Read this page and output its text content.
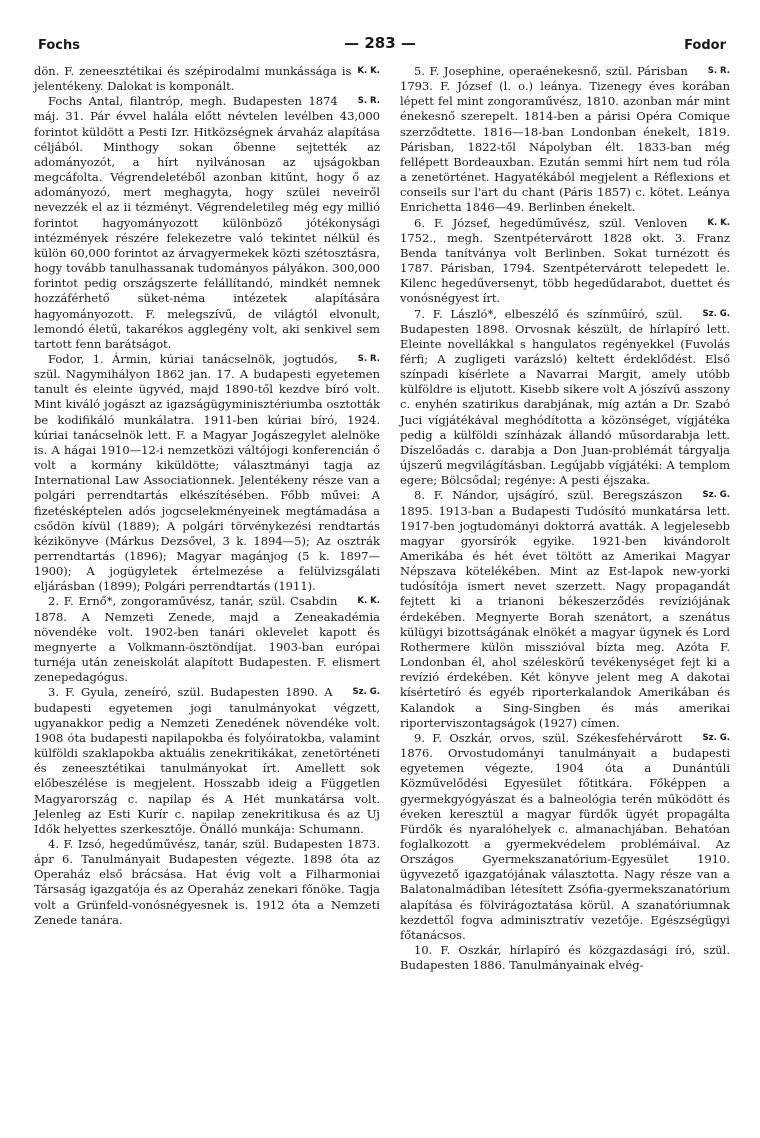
Fochs	— 283 —	Fodor

K. K.
dön. F. zeneesztétikai és szépirodalmi munkássága is jelentékeny. Dalokat is komponált.

S. R.
Fochs Antal, filantróp, megh. Budapesten 1874 máj. 31. Pár évvel halála előtt névtelen levélben 43,000 forintot küldött a Pesti Izr. Hitközségnek árvaház alapítása céljából. Minthogy sokan őbenne sejtették az adományozót, a hírt nyilvánosan az ujságokban megcáfolta. Végrendeletéből azonban kitűnt, hogy ő az adományozó, mert meghagyta, hogy szülei neveiről nevezzék el az ii tézményt. Végrendeletileg még egy millió forintot hagyományozott különböző jótékonysági intézmények részére felekezetre való tekintet nélkül és külön 60,000 forintot az árvagyermekek közti szétosztásra, hogy tovább tanulhassanak tudományos pályákon. 300,000 forintot pedig országszerte felállítandó, mindkét nemnek hozzáférhető süket-néma intézetek alapítására hagyományozott. F. melegszívű, de világtól elvonult, lemondó életű, takarékos agglegény volt, aki senkivel sem tartott fenn barátságot.

S. R.
Fodor, 1. Ármin, kúriai tanácselnök, jogtudós, szül. Nagymihályon 1862 jan. 17. A budapesti egyetemen tanult és eleinte ügyvéd, majd 1890-től kezdve bíró volt. Mint kiváló jogászt az igazságügyminisztériumba osztották be kodifikáló munkálatra. 1911-ben kúriai bíró, 1924. kúriai tanácselnök lett. F. a Magyar Jogászegylet alelnöke is. A hágai 1910—12-i nemzetközi váltójogi konferencián ő volt a kormány kiküldötte; választmányi tagja az International Law Associationnek. Jelentékeny része van a polgári perrendtartás elkészítésében. Főbb művei: A fizetésképtelen adós jogcselekményeinek megtámadása a csődön kívül (1889); A polgári törvénykezési rendtartás kézikönyve (Márkus Dezsővel, 3 k. 1894—5); Az osztrák perrendtartás (1896); Magyar magánjog (5 k. 1897—1900); A jogügyletek értelmezése a felülvizsgálati eljárásban (1899); Polgári perrendtartás (1911).

K. K.
2. F. Ernő*, zongoraművész, tanár, szül. Csabdin 1878. A Nemzeti Zenede, majd a Zeneakadémia növendéke volt. 1902-ben tanári oklevelet kapott és megnyerte a Volkmann-ösztöndíjat. 1903-ban európai turnéja után zeneiskolát alapított Budapesten. F. elismert zenepedagógus.

Sz. G.
3. F. Gyula, zeneíró, szül. Budapesten 1890. A budapesti egyetemen jogi tanulmányokat végzett, ugyanakkor pedig a Nemzeti Zenedének növendéke volt. 1908 óta budapesti napilapokba és folyóiratokba, valamint külföldi szaklapokba aktuális zenekritikákat, zenetörténeti és zeneesztétikai tanulmányokat írt. Amellett sok előbeszélése is megjelent. Hosszabb ideig a Független Magyarország c. napilap és A Hét munkatársa volt. Jelenleg az Esti Kurír c. napilap zenekritikusa és az Uj Idők helyettes szerkesztője. Önálló munkája: Schumann.

4. F. Izsó, hegedűművész, tanár, szül. Budapesten 1873. ápr 6. Tanulmányait Budapesten végezte. 1898 óta az Operaház első brácsása. Hat évig volt a Filharmoniai Társaság igazgatója és az Operaház zenekari főnöke. Tagja volt a Grünfeld-vonósnégyesnek is. 1912 óta a Nemzeti Zenede tanára.

S. R.
5. F. Josephine, operaénekesnő, szül. Párisban 1793. F. József (l. o.) leánya. Tizenegy éves korában lépett fel mint zongoraművész, 1810. azonban már mint énekesnő szerepelt. 1814-ben a párisi Opéra Comique szerződtette. 1816—18-ban Londonban énekelt, 1819. Párisban, 1822-től Nápolyban élt. 1833-ban még fellépett Bordeauxban. Ezután semmi hírt nem tud róla a zenetörténet. Hagyatékából megjelent a Réflexions et conseils sur l'art du chant (Páris 1857) c. kötet. Leánya Enrichetta 1846—49. Berlinben énekelt.

K. K.
6. F. József, hegedűművész, szül. Venloven 1752., megh. Szentpétervárott 1828 okt. 3. Franz Benda tanítványa volt Berlinben. Sokat turnézott és 1787. Párisban, 1794. Szentpétervárott telepedett le. Kilenc hegedűversenyt, több hegedűdarabot, duettet és vonósnégyest írt.

Sz. G.
7. F. László*, elbeszélő és színműíró, szül. Budapesten 1898. Orvosnak készült, de hírlapíró lett. Eleinte novellákkal s hangulatos regényekkel (Fuvolás férfi; A zugligeti varázsló) keltett érdeklődést. Első színpadi kísérlete a Navarrai Margit, amely utóbb külföldre is eljutott. Kisebb sikere volt A jószívű asszony c. enyhén szatirikus darabjának, míg aztán a Dr. Szabó Juci vígjátékával meghódította a közönséget, vígjátéka pedig a külföldi színházak állandó műsordarabja lett. Díszelőadás c. darabja a Don Juan-problémát tárgyalja újszerű megvilágításban. Legújabb vígjátéki: A templom egere; Bölcsődal; regénye: A pesti éjszaka.

Sz. G.
8. F. Nándor, ujságíró, szül. Beregszászon 1895. 1913-ban a Budapesti Tudósító munkatársa lett. 1917-ben jogtudományi doktorrá avatták. A legjelesebb magyar gyorsírók egyike. 1921-ben kivándorolt Amerikába és hét évet töltött az Amerikai Magyar Népszava kötelékében. Mint az Est-lapok new-yorki tudósítója ismert nevet szerzett. Nagy propagandát fejtett ki a trianoni békeszerződés revíziójának érdekében. Megnyerte Borah szenátort, a szenátus külügyi bizottságának elnökét a magyar ügynek és Lord Rothermere külön misszióval bízta meg. Azóta F. Londonban él, ahol széleskörű tevékenységet fejt ki a revízió érdekében. Két könyve jelent meg A dakotai kísértetíró és egyéb riporterkalandok Amerikában és Kalandok a Sing-Singben és más amerikai riporterviszontagságok (1927) címen.

Sz. G.
9. F. Oszkár, orvos, szül. Székesfehérvárott 1876. Orvostudományi tanulmányait a budapesti egyetemen végezte, 1904 óta a Dunántúli Közművelődési Egyesület főtitkára. Főképpen a gyermekgyógyászat és a balneológia terén működött és éveken keresztül a magyar fürdők ügyét propagálta Fürdők és nyaralóhelyek c. almanachjában. Behatóan foglalkozott a gyermekvédelem problémáival. Az Országos Gyermekszanatórium-Egyesület 1910. ügyvezető igazgatójának választotta. Nagy része van a Balatonalmádiban létesített Zsófia-gyermekszanatórium alapítása és fölvirágoztatása körül. A szanatóriumnak kezdettől fogva adminisztratív vezetője. Egészségügyi főtanácsos.

10. F. Oszkár, hírlapíró és közgazdasági író, szül. Budapesten 1886. Tanulmányainak elvég-
